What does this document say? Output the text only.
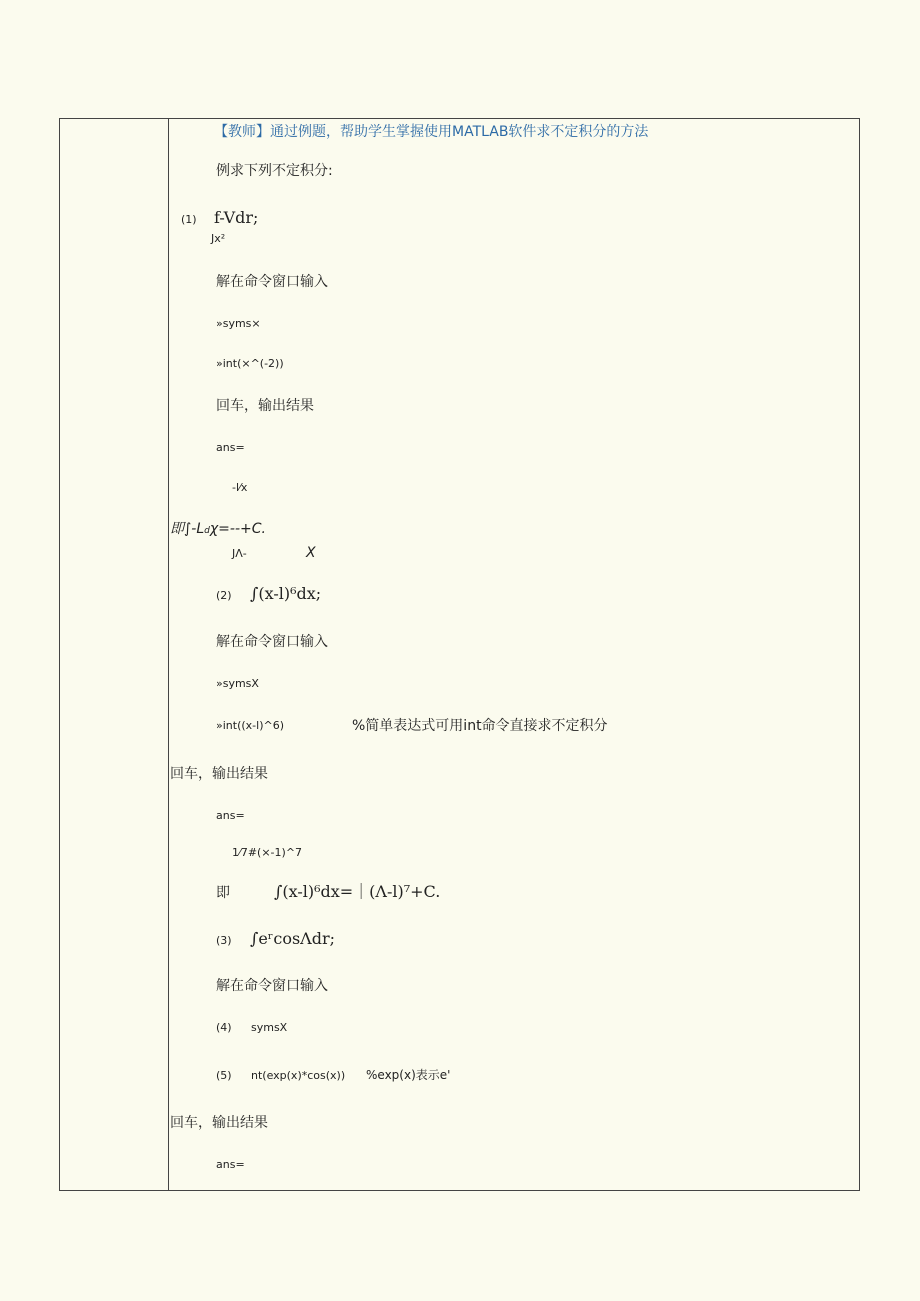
【教师】通过例题，帮助学生掌握使用MATLAB软件求不定积分的方法
例求下列不定积分:
(1) f-Vdr;
Jx²
解在命令窗口输入
»syms×
»int(×^(-2))
回车，输出结果
ans=
-l⁄x
即∫-Ldχ=--+C.
JΛ-	X
(2) ∫(x-l)⁶dx;
解在命令窗口输入
»symsX
»int((x-l)^6)	%简单表达式可用int命令直接求不定积分
回车，输出结果
ans=
1⁄7#(×-1)^7
即	∫(x-l)⁶dx=｜(Λ-l)⁷+C.
(3) ∫eʳcosΛdr;
解在命令窗口输入
(4) symsX
(5) nt(exp(x)*cos(x)) %exp(x)表示e'
回车，输出结果
ans=
